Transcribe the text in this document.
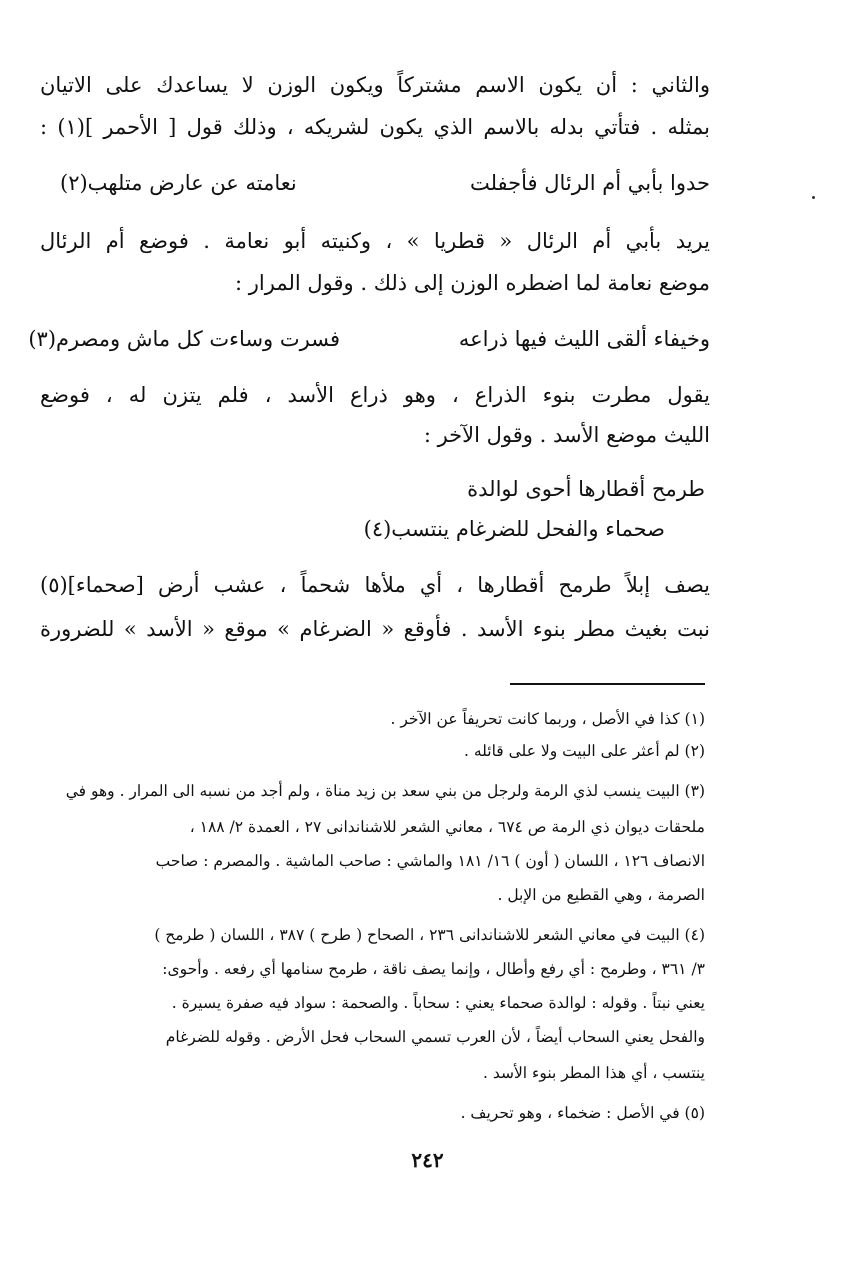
والثاني : أن يكون الاسم مشتركاً ويكون الوزن لا يساعدك على الاتيان
بمثله . فتأتي بدله بالاسم الذي يكون لشريكه ، وذلك قول [ الأحمر ](١) :
حدوا بأبي أم الرئال فأجفلت
نعامته عن عارض متلهب(٢)
يريد بأبي أم الرئال « قطريا » ، وكنيته أبو نعامة . فوضع أم الرئال
موضع نعامة لما اضطره الوزن إلى ذلك . وقول المرار :
وخيفاء ألقى الليث فيها ذراعه
فسرت وساءت كل ماش ومصرم(٣)
يقول مطرت بنوء الذراع ، وهو ذراع الأسد ، فلم يتزن له ، فوضع
الليث موضع الأسد . وقول الآخر :
طرمح أقطارها أحوى لوالدة
صحماء والفحل للضرغام ينتسب(٤)
يصف إبلاً طرمح أقطارها ، أي ملأها شحماً ، عشب أرض [صحماء](٥)
نبت بغيث مطر بنوء الأسد . فأوقع « الضرغام » موقع « الأسد » للضرورة
(١) كذا في الأصل ، وربما كانت تحريفاً عن الآخر .
(٢) لم أعثر على البيت ولا على قائله .
(٣) البيت ينسب لذي الرمة ولرجل من بني سعد بن زيد مناة ، ولم أجد من نسبه الى المرار . وهو في
ملحقات ديوان ذي الرمة ص ٦٧٤ ، معاني الشعر للاشناندانى ٢٧ ، العمدة ٢/ ١٨٨ ،
الانصاف ١٢٦ ، اللسان ( أون ) ١٦/ ١٨١ والماشي : صاحب الماشية . والمصرم : صاحب
الصرمة ، وهي القطيع من الإبل .
(٤) البيت في معاني الشعر للاشناندانى ٢٣٦ ، الصحاح ( طرح ) ٣٨٧ ، اللسان ( طرمح )
٣/ ٣٦١ ، وطرمح : أي رفع وأطال ، وإنما يصف ناقة ، طرمح سنامها أي رفعه . وأحوى:
يعني نبتاً . وقوله : لوالدة صحماء يعني : سحاباً . والصحمة : سواد فيه صفرة يسيرة .
والفحل يعني السحاب أيضاً ، لأن العرب تسمي السحاب فحل الأرض . وقوله للضرغام
ينتسب ، أي هذا المطر بنوء الأسد .
(٥) في الأصل : ضخماء ، وهو تحريف .
٢٤٢
